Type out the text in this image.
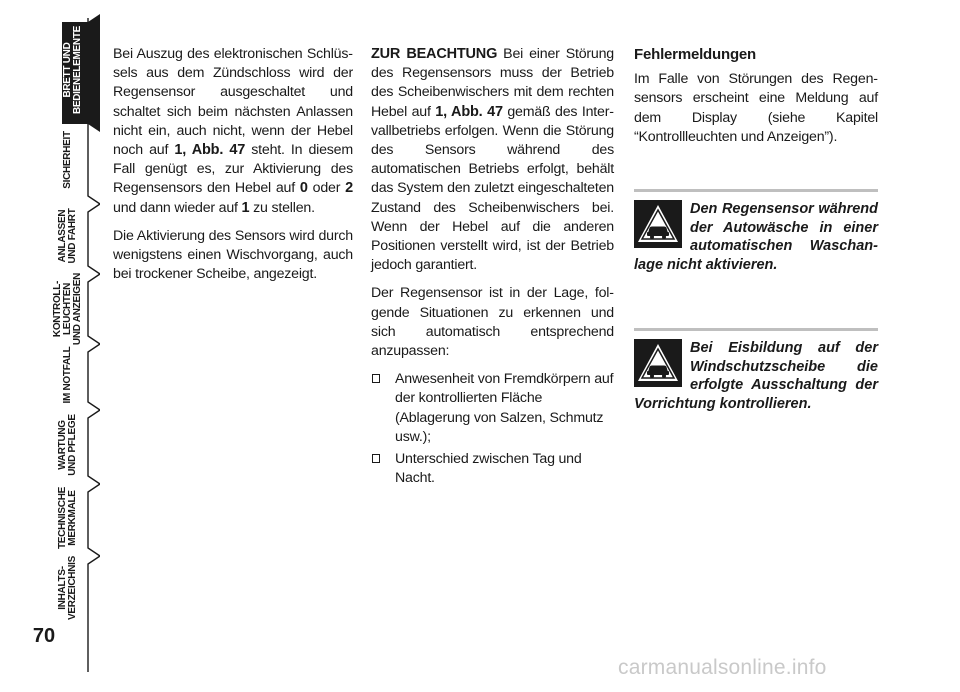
ARMATUREN-
BRETT UND
BEDIENELEMENTE
SICHERHEIT
ANLASSEN
UND FAHRT
KONTROLL-
LEUCHTEN
UND ANZEIGEN
IM NOTFALL
WARTUNG
UND PFLEGE
TECHNISCHE
MERKMALE
INHALTS-
VERZEICHNIS
70

Bei Auszug des elektronischen Schlüssels aus dem Zündschloss wird der Regensensor ausgeschaltet und schaltet sich beim nächsten Anlassen nicht ein, auch nicht, wenn der Hebel noch auf 1, Abb. 47 steht. In diesem Fall genügt es, zur Aktivierung des Regensensors den Hebel auf 0 oder 2 und dann wieder auf 1 zu stellen.

Die Aktivierung des Sensors wird durch wenigstens einen Wischvorgang, auch bei trockener Scheibe, angezeigt.

ZUR BEACHTUNG Bei einer Störung des Regensensors muss der Betrieb des Scheibenwischers mit dem rechten Hebel auf 1, Abb. 47 gemäß des Intervallbetriebs erfolgen. Wenn die Störung des Sensors während des automatischen Betriebs erfolgt, behält das System den zuletzt eingeschalteten Zustand des Scheibenwischers bei. Wenn der Hebel auf die anderen Positionen verstellt wird, ist der Betrieb jedoch garantiert.

Der Regensensor ist in der Lage, folgende Situationen zu erkennen und sich automatisch entsprechend anzupassen:

Anwesenheit von Fremdkörpern auf der kontrollierten Fläche (Ablagerung von Salzen, Schmutz usw.);
Unterschied zwischen Tag und Nacht.
Fehlermeldungen

Im Falle von Störungen des Regensensors erscheint eine Meldung auf dem Display (siehe Kapitel “Kontrollleuchten und Anzeigen”).

Den Regensensor während der Autowäsche in einer automatischen Waschanlage nicht aktivieren.
Bei Eisbildung auf der Windschutzscheibe die erfolgte Ausschaltung der Vorrichtung kontrollieren.
carmanualsonline.info
